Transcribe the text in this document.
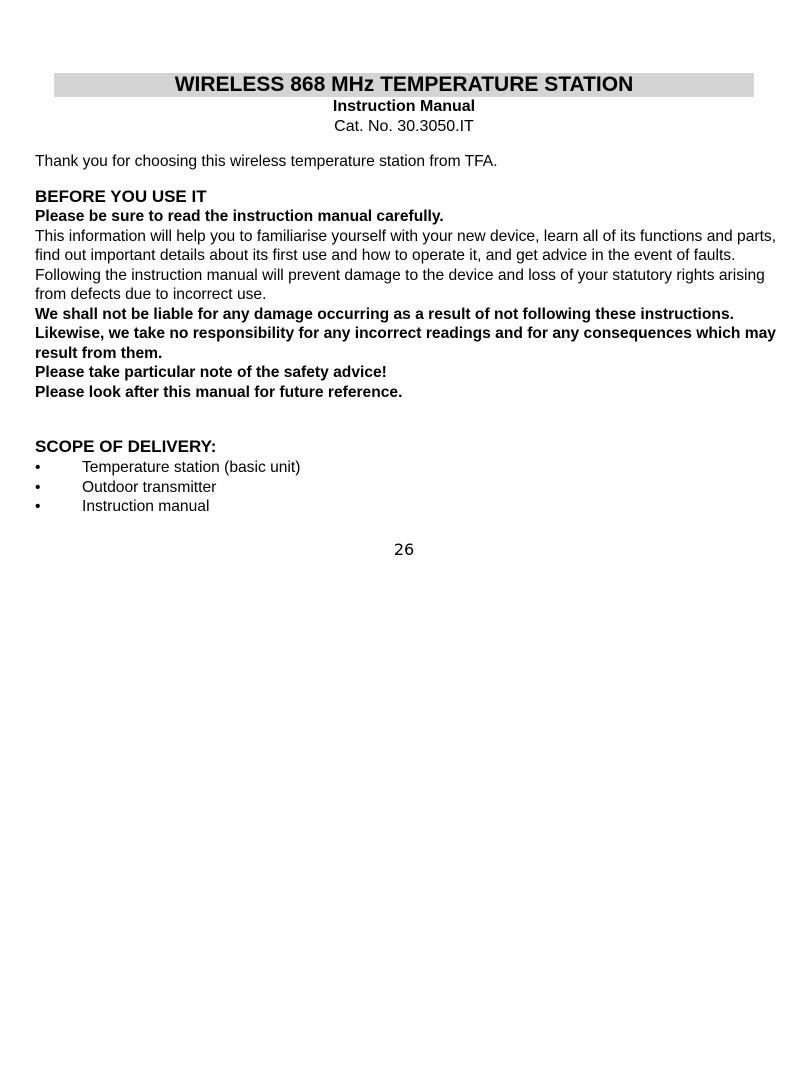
WIRELESS 868 MHz TEMPERATURE STATION
Instruction Manual
Cat. No. 30.3050.IT
Thank you for choosing this wireless temperature station from TFA.
BEFORE YOU USE IT

Please be sure to read the instruction manual carefully.

This information will help you to familiarise yourself with your new device, learn all of its functions and parts, find out important details about its first use and how to operate it, and get advice in the event of faults.

Following the instruction manual will prevent damage to the device and loss of your statutory rights arising from defects due to incorrect use.

We shall not be liable for any damage occurring as a result of not following these instructions. Likewise, we take no responsibility for any incorrect readings and for any consequences which may result from them.

Please take particular note of the safety advice!

Please look after this manual for future reference.

SCOPE OF DELIVERY:
•	Temperature station (basic unit)
•	Outdoor transmitter
•	Instruction manual
26
